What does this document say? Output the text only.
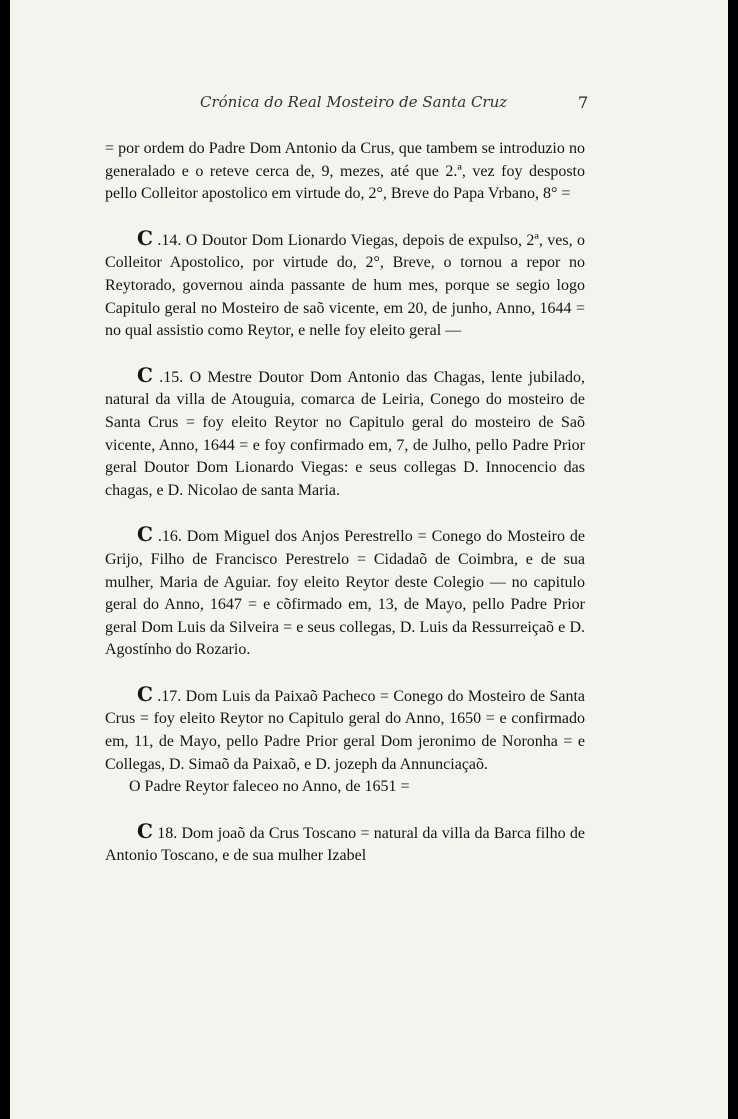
Crónica do Real Mosteiro de Santa Cruz	7

= por ordem do Padre Dom Antonio da Crus, que tambem se introduzio no generalado e o reteve cerca de, 9, mezes, até que 2.ª, vez foy desposto pello Colleitor apostolico em virtude do, 2°, Breve do Papa Vrbano, 8° =

C .14. O Doutor Dom Lionardo Viegas, depois de expulso, 2ª, ves, o Colleitor Apostolico, por virtude do, 2°, Breve, o tornou a repor no Reytorado, governou ainda passante de hum mes, porque se segio logo Capitulo geral no Mosteiro de saõ vicente, em 20, de junho, Anno, 1644 = no qual assistio como Reytor, e nelle foy eleito geral —

C .15. O Mestre Doutor Dom Antonio das Chagas, lente jubilado, natural da villa de Atouguia, comarca de Leiria, Conego do mosteiro de Santa Crus = foy eleito Reytor no Capitulo geral do mosteiro de Saõ vicente, Anno, 1644 = e foy confirmado em, 7, de Julho, pello Padre Prior geral Doutor Dom Lionardo Viegas: e seus collegas D. Innocencio das chagas, e D. Nicolao de santa Maria.

C .16. Dom Miguel dos Anjos Perestrello = Conego do Mosteiro de Grijo, Filho de Francisco Perestrelo = Cidadaõ de Coimbra, e de sua mulher, Maria de Aguiar. foy eleito Reytor deste Colegio — no capitulo geral do Anno, 1647 = e cõfirmado em, 13, de Mayo, pello Padre Prior geral Dom Luis da Silveira = e seus collegas, D. Luis da Ressurreiçaõ e D. Agostínho do Rozario.

C .17. Dom Luis da Paixaõ Pacheco = Conego do Mosteiro de Santa Crus = foy eleito Reytor no Capitulo geral do Anno, 1650 = e confirmado em, 11, de Mayo, pello Padre Prior geral Dom jeronimo de Noronha = e Collegas, D. Simaõ da Paixaõ, e D. jozeph da Annunciaçaõ.

O Padre Reytor faleceo no Anno, de 1651 =

C 18. Dom joaõ da Crus Toscano = natural da villa da Barca filho de Antonio Toscano, e de sua mulher Izabel
